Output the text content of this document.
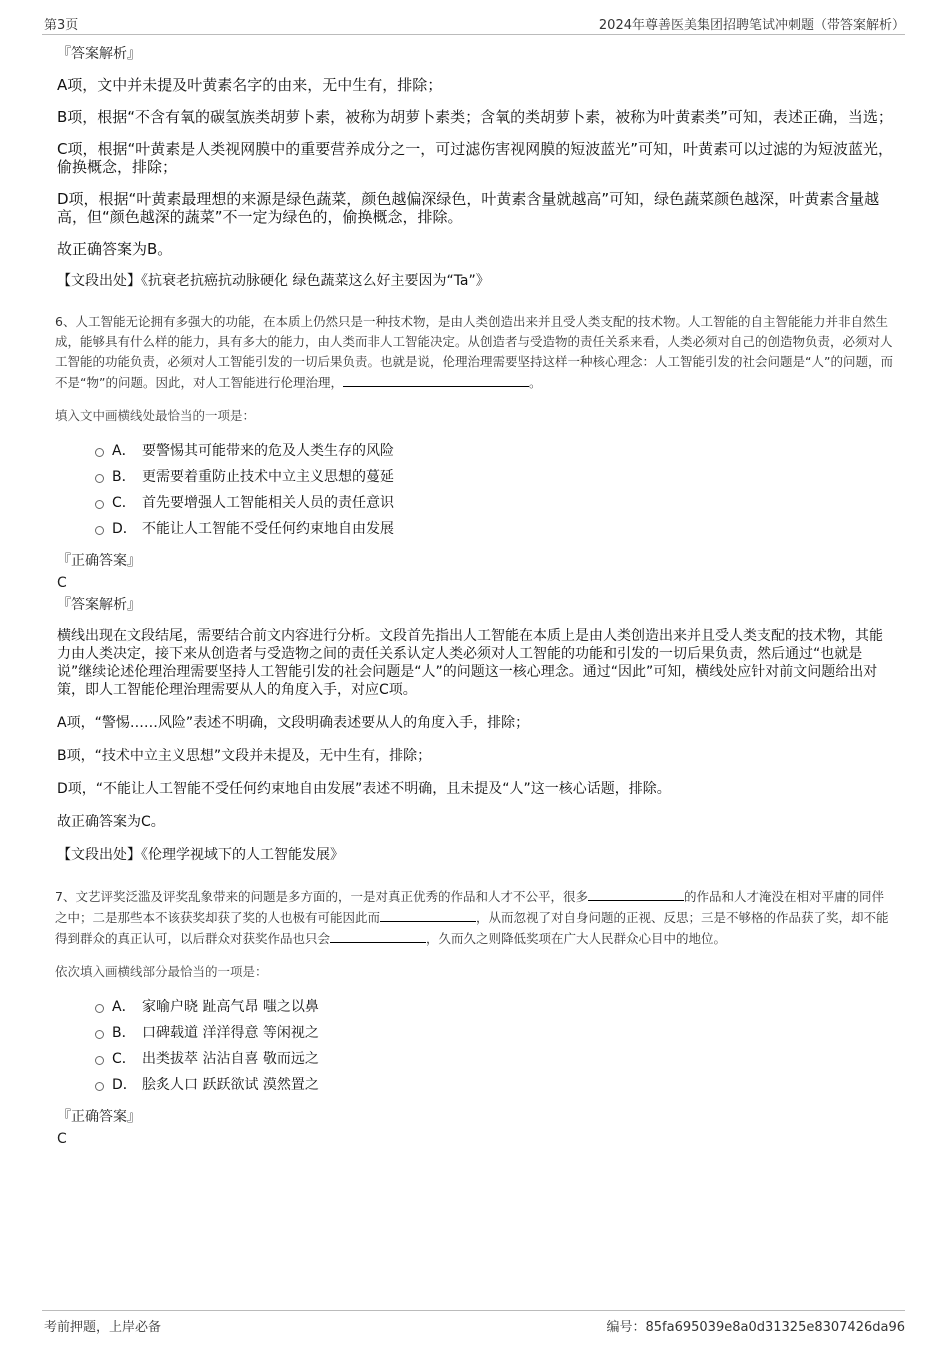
第3页	2024年尊善医美集团招聘笔试冲刺题（带答案解析）
『答案解析』
A项，文中并未提及叶黄素名字的由来，无中生有，排除；
B项，根据“不含有氧的碳氢族类胡萝卜素，被称为胡萝卜素类；含氧的类胡萝卜素，被称为叶黄素类”可知，表述正确，当选；
C项，根据“叶黄素是人类视网膜中的重要营养成分之一，可过滤伤害视网膜的短波蓝光”可知，叶黄素可以过滤的为短波蓝光，偷换概念，排除；
D项，根据“叶黄素最理想的来源是绿色蔬菜，颜色越偏深绿色，叶黄素含量就越高”可知，绿色蔬菜颜色越深，叶黄素含量越高，但“颜色越深的蔬菜”不一定为绿色的，偷换概念，排除。
故正确答案为B。
【文段出处】《抗衰老抗癌抗动脉硬化 绿色蔬菜这么好主要因为“Ta”》
6、人工智能无论拥有多强大的功能，在本质上仍然只是一种技术物，是由人类创造出来并且受人类支配的技术物。人工智能的自主智能能力并非自然生成，能够具有什么样的能力，具有多大的能力，由人类而非人工智能决定。从创造者与受造物的责任关系来看，人类必须对自己的创造物负责，必须对人工智能的功能负责，必须对人工智能引发的一切后果负责。也就是说，伦理治理需要坚持这样一种核心理念：人工智能引发的社会问题是“人”的问题，而不是“物”的问题。因此，对人工智能进行伦理治理，	。
填入文中画横线处最恰当的一项是：
A． 要警惕其可能带来的危及人类生存的风险
B． 更需要着重防止技术中立主义思想的蔓延
C． 首先要增强人工智能相关人员的责任意识
D． 不能让人工智能不受任何约束地自由发展
『正确答案』
C
『答案解析』
横线出现在文段结尾，需要结合前文内容进行分析。文段首先指出人工智能在本质上是由人类创造出来并且受人类支配的技术物，其能力由人类决定，接下来从创造者与受造物之间的责任关系认定人类必须对人工智能的功能和引发的一切后果负责，然后通过“也就是说”继续论述伦理治理需要坚持人工智能引发的社会问题是“人”的问题这一核心理念。通过“因此”可知，横线处应针对前文问题给出对策，即人工智能伦理治理需要从人的角度入手，对应C项。
A项，“警惕……风险”表述不明确，文段明确表述要从人的角度入手，排除；
B项，“技术中立主义思想”文段并未提及，无中生有，排除；
D项，“不能让人工智能不受任何约束地自由发展”表述不明确，且未提及“人”这一核心话题，排除。
故正确答案为C。
【文段出处】《伦理学视域下的人工智能发展》
7、文艺评奖泛滥及评奖乱象带来的问题是多方面的，一是对真正优秀的作品和人才不公平，很多	的作品和人才淹没在相对平庸的同伴之中；二是那些本不该获奖却获了奖的人也极有可能因此而	，从而忽视了对自身问题的正视、反思；三是不够格的作品获了奖，却不能得到群众的真正认可，以后群众对获奖作品也只会	，久而久之则降低奖项在广大人民群众心目中的地位。
依次填入画横线部分最恰当的一项是：
A． 家喻户晓 趾高气昂 嗤之以鼻
B． 口碑载道 洋洋得意 等闲视之
C． 出类拔萃 沾沾自喜 敬而远之
D． 脍炙人口 跃跃欲试 漠然置之
『正确答案』
C
考前押题，上岸必备	编号：85fa695039e8a0d31325e8307426da96
